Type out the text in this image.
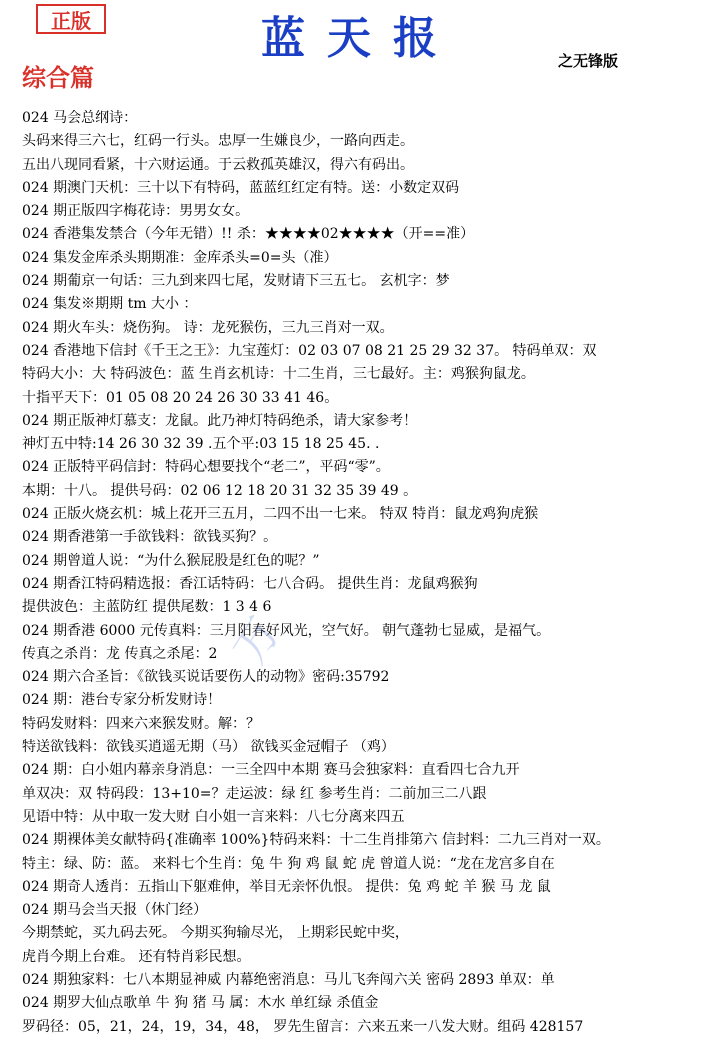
正版	蓝天报	之无锋版
综合篇
024 马会总纲诗：
头码来得三六七，红码一行头。忠厚一生嫌良少，一路向西走。
五出八现同看紧，十六财运通。于云救孤英雄汉，得六有码出。
024 期澳门天机：三十以下有特码，蓝蓝红红定有特。送：小数定双码
024 期正版四字梅花诗：男男女女。
024 香港集发禁合（今年无错）!! 杀：★★★★02★★★★（开==准）
024 集发金库杀头期期准：金库杀头=0=头（准）
024 期葡京一句话：三九到来四七尾，发财请下三五七。 玄机字：梦
024 集发※期期 tm 大小 ：
024 期火车头：烧伤狗。 诗：龙死猴伤，三九三肖对一双。
024 香港地下信封《千王之王》：九宝莲灯：02 03 07 08 21 25 29 32 37。 特码单双：双
特码大小：大 特码波色：蓝 生肖玄机诗：十二生肖，三七最好。主：鸡猴狗鼠龙。
十指平天下：01 05 08 20 24 26 30 33 41 46。
024 期正版神灯慕支：龙鼠。此乃神灯特码绝杀，请大家参考！
神灯五中特:14 26 30 32 39 .五个平:03 15 18 25 45. .
024 正版特平码信封：特码心想要找个“老二”，平码“零”。
本期：十八。 提供号码：02 06 12 18 20 31 32 35 39 49 。
024 正版火烧玄机：城上花开三五月，二四不出一七来。 特双 特肖：鼠龙鸡狗虎猴
024 期香港第一手欲钱料：欲钱买狗？。
024 期曾道人说：“为什么猴屁股是红色的呢？”
024 期香江特码精选报：香江话特码：七八合码。 提供生肖：龙鼠鸡猴狗
提供波色：主蓝防红 提供尾数：1 3 4 6
024 期香港 6000 元传真料：三月阳春好风光，空气好。 朝气蓬勃七显威，是福气。
传真之杀肖：龙 传真之杀尾：2
024 期六合圣旨：《欲钱买说话要伤人的动物》密码:35792
024 期：港台专家分析发财诗！
特码发财料：四来六来猴发财。解：？
特送欲钱料：欲钱买逍遥无期（马） 欲钱买金冠帽子 （鸡）
024 期：白小姐内幕亲身消息：一三全四中本期 赛马会独家料：直看四七合九开
单双决：双 特码段：13+10=？走运波：绿 红 参考生肖：二前加三二八跟
见语中特：从中取一发大财 白小姐一言来料：八七分离来四五
024 期裸体美女献特码{准确率 100%}特码来料：十二生肖排第六 信封料：二九三肖对一双。
特主：绿、防：蓝。 来料七个生肖：兔 牛 狗 鸡 鼠 蛇 虎 曾道人说：“龙在龙宫多自在
024 期奇人透肖：五指山下躯难伸，举目无亲怀仇恨。 提供：兔 鸡 蛇 羊 猴 马 龙 鼠
024 期马会当天报（休门经）
今期禁蛇，买九码去死。 今期买狗输尽光， 上期彩民蛇中奖，
虎肖今期上台难。 还有特肖彩民想。
024 期独家料：七八本期显神威 内幕绝密消息：马儿飞奔闯六关 密码 2893 单双：单
024 期罗大仙点歌单 牛 狗 猪 马 属：木水 单红绿 杀值金
罗码径：05，21，24，19，34，48， 罗先生留言：六来五来一八发大财。组码 428157
万
